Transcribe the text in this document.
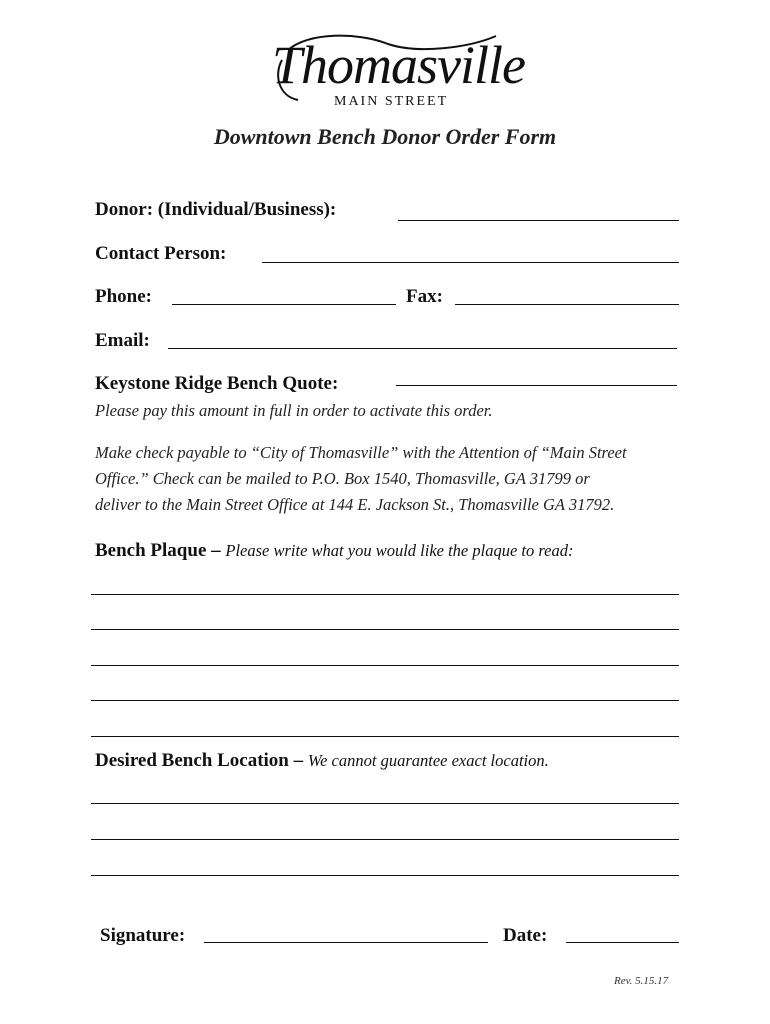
Thomasville
MAIN STREET
Downtown Bench Donor Order Form
Donor: (Individual/Business):
Contact Person:
Phone:	Fax:
Email:
Keystone Ridge Bench Quote:
Please pay this amount in full in order to activate this order.
Make check payable to “City of Thomasville” with the Attention of “Main Street
Office.” Check can be mailed to P.O. Box 1540, Thomasville, GA 31799 or
deliver to the Main Street Office at 144 E. Jackson St., Thomasville GA 31792.
Bench Plaque – Please write what you would like the plaque to read:
Desired Bench Location – We cannot guarantee exact location.
Signature:	Date:
Rev. 5.15.17
